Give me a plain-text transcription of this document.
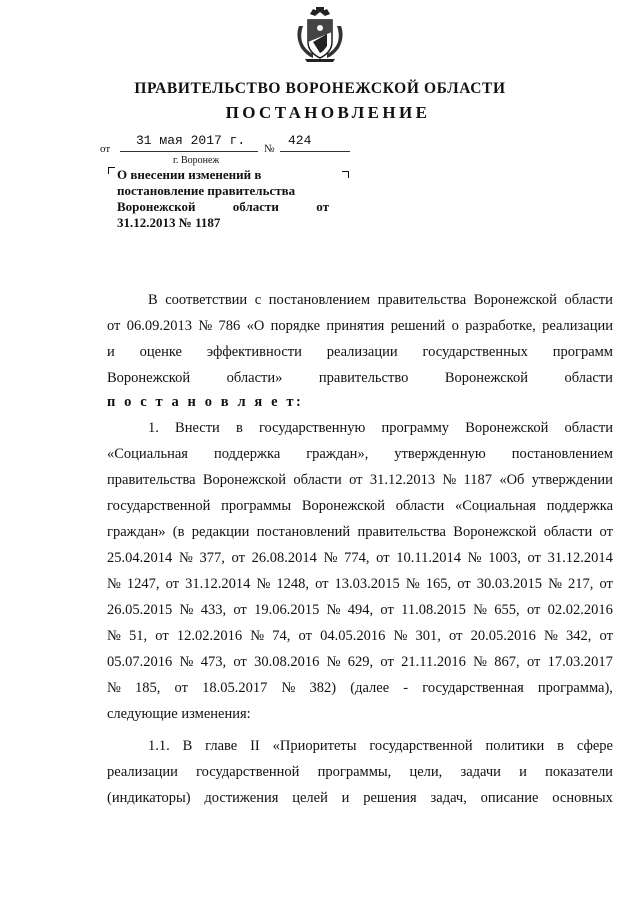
ПРАВИТЕЛЬСТВО ВОРОНЕЖСКОЙ ОБЛАСТИ
ПОСТАНОВЛЕНИЕ
от
31 мая 2017 г.
№
424
г. Воронеж
О внесении изменений в
постановление правительства
Воронежской	области	от
31.12.2013 № 1187
В соответствии с постановлением правительства Воронежской области
от 06.09.2013 № 786 «О порядке принятия решений о разработке, реализации
и оценке эффективности реализации государственных программ
Воронежской	области»	правительство	Воронежской	области
п о с т а н о в л я е т:
1. Внести в государственную программу Воронежской области
«Социальная поддержка граждан», утвержденную постановлением
правительства Воронежской области от 31.12.2013 № 1187 «Об утверждении
государственной программы Воронежской области «Социальная поддержка
граждан» (в редакции постановлений правительства Воронежской области от
25.04.2014 № 377, от 26.08.2014 № 774, от 10.11.2014 № 1003, от 31.12.2014
№ 1247, от 31.12.2014 № 1248, от 13.03.2015 № 165, от 30.03.2015 № 217, от
26.05.2015 № 433, от 19.06.2015 № 494, от 11.08.2015 № 655, от 02.02.2016
№ 51, от 12.02.2016 № 74, от 04.05.2016 № 301, от 20.05.2016 № 342, от
05.07.2016 № 473, от 30.08.2016 № 629, от 21.11.2016 № 867, от 17.03.2017
№ 185, от 18.05.2017 № 382) (далее - государственная программа),
следующие изменения:
1.1. В главе II «Приоритеты государственной политики в сфере
реализации государственной программы, цели, задачи и показатели
(индикаторы) достижения целей и решения задач, описание основных
